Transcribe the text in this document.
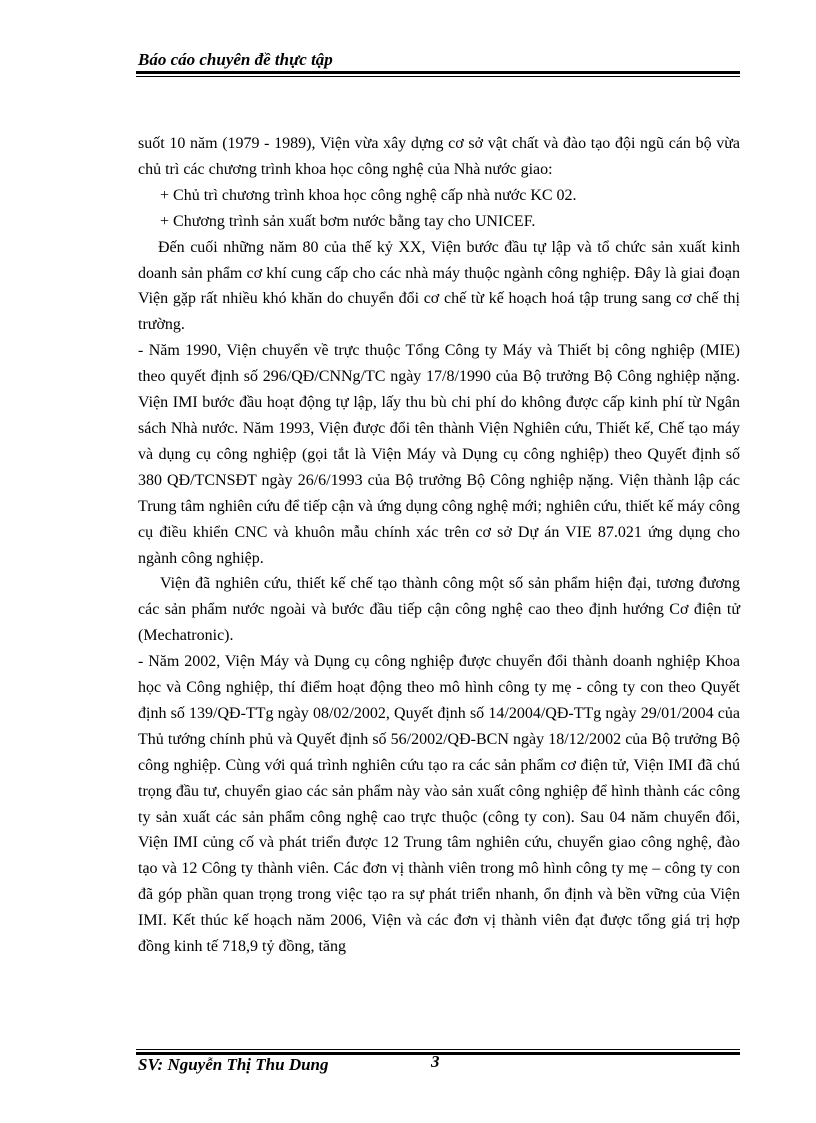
Báo cáo chuyên đề thực tập

suốt 10 năm (1979 - 1989), Viện vừa xây dựng cơ sở vật chất và đào tạo đội ngũ cán bộ vừa chủ trì các chương trình khoa học công nghệ của Nhà nước giao:

+ Chủ trì chương trình khoa học công nghệ cấp nhà nước KC 02.

+ Chương trình sản xuất bơm nước bằng tay cho UNICEF.

Đến cuối những năm 80 của thế kỷ XX, Viện bước đầu tự lập và tổ chức sản xuất kinh doanh sản phẩm cơ khí cung cấp cho các nhà máy thuộc ngành công nghiệp. Đây là giai đoạn Viện gặp rất nhiều khó khăn do chuyển đổi cơ chế từ kế hoạch hoá tập trung sang cơ chế thị trường.

- Năm 1990, Viện chuyển về trực thuộc Tổng Công ty Máy và Thiết bị công nghiệp (MIE) theo quyết định số 296/QĐ/CNNg/TC ngày 17/8/1990 của Bộ trưởng Bộ Công nghiệp nặng. Viện IMI bước đầu hoạt động tự lập, lấy thu bù chi phí do không được cấp kinh phí từ Ngân sách Nhà nước. Năm 1993, Viện được đổi tên thành Viện Nghiên cứu, Thiết kế, Chế tạo máy và dụng cụ công nghiệp (gọi tắt là Viện Máy và Dụng cụ công nghiệp) theo Quyết định số 380 QĐ/TCNSĐT ngày 26/6/1993 của Bộ trưởng Bộ Công nghiệp nặng. Viện thành lập các Trung tâm nghiên cứu để tiếp cận và ứng dụng công nghệ mới; nghiên cứu, thiết kế máy công cụ điều khiển CNC và khuôn mẫu chính xác trên cơ sở Dự án VIE 87.021 ứng dụng cho ngành công nghiệp.

Viện đã nghiên cứu, thiết kế chế tạo thành công một số sản phẩm hiện đại, tương đương các sản phẩm nước ngoài và bước đầu tiếp cận công nghệ cao theo định hướng Cơ điện tử (Mechatronic).

- Năm 2002, Viện Máy và Dụng cụ công nghiệp được chuyển đổi thành doanh nghiệp Khoa học và Công nghiệp, thí điểm hoạt động theo mô hình công ty mẹ - công ty con theo Quyết định số 139/QĐ-TTg ngày 08/02/2002, Quyết định số 14/2004/QĐ-TTg ngày 29/01/2004 của Thủ tướng chính phủ và Quyết định số 56/2002/QĐ-BCN ngày 18/12/2002 của Bộ trưởng Bộ công nghiệp. Cùng với quá trình nghiên cứu tạo ra các sản phẩm cơ điện tử, Viện IMI đã chú trọng đầu tư, chuyển giao các sản phẩm này vào sản xuất công nghiệp để hình thành các công ty sản xuất các sản phẩm công nghệ cao trực thuộc (công ty con). Sau 04 năm chuyển đổi, Viện IMI củng cố và phát triển được 12 Trung tâm nghiên cứu, chuyển giao công nghệ, đào tạo và 12 Công ty thành viên. Các đơn vị thành viên trong mô hình công ty mẹ – công ty con đã góp phần quan trọng trong việc tạo ra sự phát triển nhanh, ổn định và bền vững của Viện IMI. Kết thúc kế hoạch năm 2006, Viện và các đơn vị thành viên đạt được tổng giá trị hợp đồng kinh tế 718,9 tỷ đồng, tăng

SV: Nguyễn Thị Thu Dung	3
